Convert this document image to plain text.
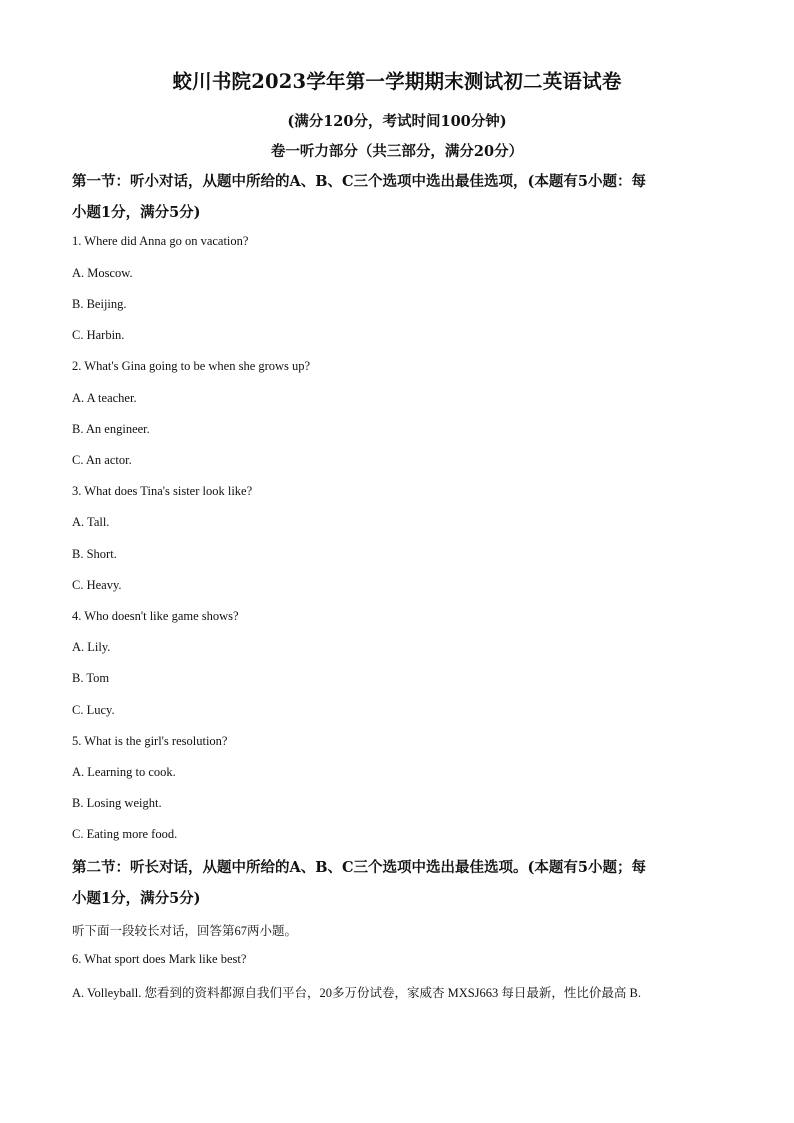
蛟川书院2023学年第一学期期末测试初二英语试卷
(满分120分，考试时间100分钟)
卷一听力部分（共三部分，满分20分）
第一节：听小对话，从题中所给的A、B、C三个选项中选出最佳选项，(本题有5小题：每
小题1分，满分5分)
1. Where did Anna go on vacation?
A. Moscow.
B. Beijing.
C. Harbin.
2. What's Gina going to be when she grows up?
A. A teacher.
B. An engineer.
C. An actor.
3. What does Tina's sister look like?
A. Tall.
B. Short.
C. Heavy.
4. Who doesn't like game shows?
A. Lily.
B. Tom
C. Lucy.
5. What is the girl's resolution?
A. Learning to cook.
B. Losing weight.
C. Eating more food.
第二节：听长对话，从题中所给的A、B、C三个选项中选出最佳选项。(本题有5小题；每
小题1分，满分5分)
听下面一段较长对话，回答第67两小题。
6. What sport does Mark like best?
A. Volleyball. 您看到的资料都源自我们平台，20多万份试卷，家威杏 MXSJ663 每日最新，性比价最高 B.
